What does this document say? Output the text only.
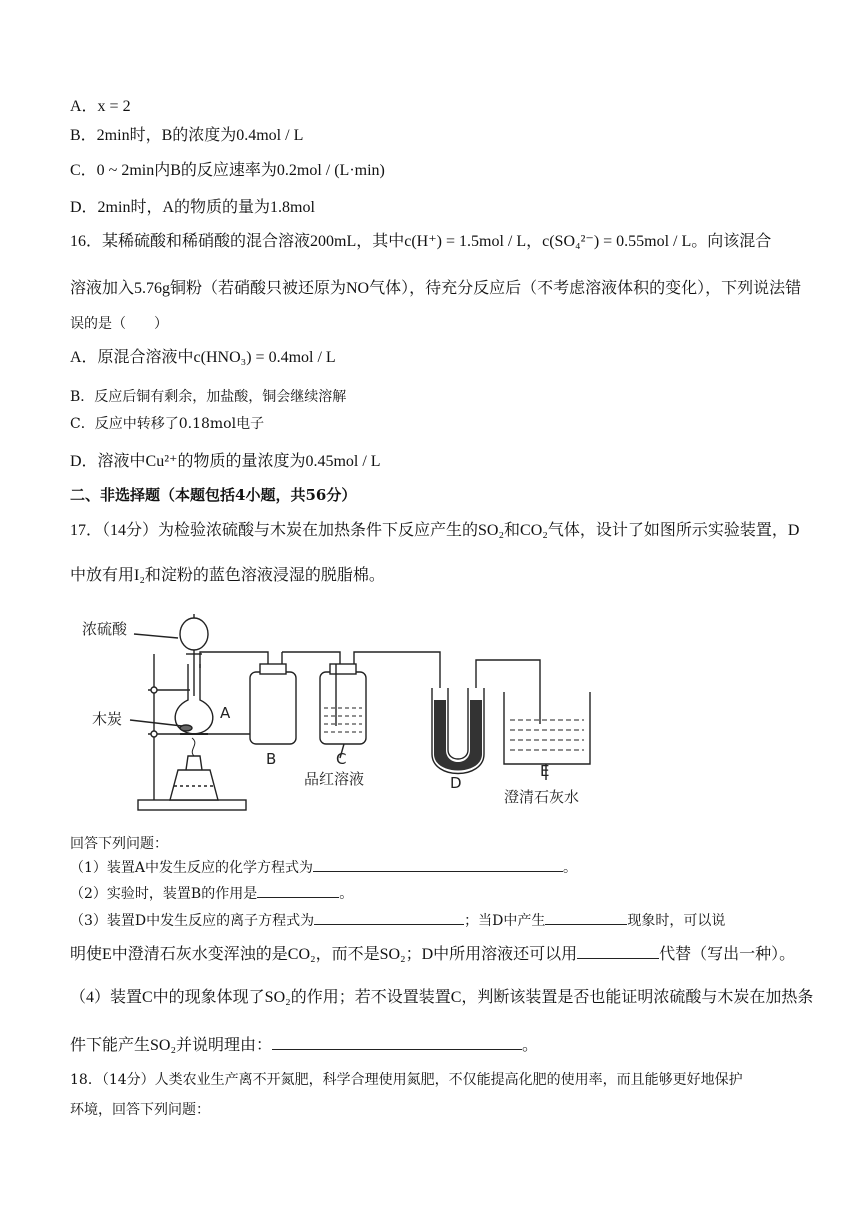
A．x = 2
B．2min时，B的浓度为0.4mol / L
C．0 ~ 2min内B的反应速率为0.2mol / (L·min)
D．2min时，A的物质的量为1.8mol
16．某稀硫酸和稀硝酸的混合溶液200mL，其中c(H⁺) = 1.5mol / L，c(SO₄²⁻) = 0.55mol / L。向该混合
溶液加入5.76g铜粉（若硝酸只被还原为NO气体），待充分反应后（不考虑溶液体积的变化），下列说法错
误的是（　　）
A．原混合溶液中c(HNO₃) = 0.4mol / L
B．反应后铜有剩余，加盐酸，铜会继续溶解
C．反应中转移了0.18mol电子
D．溶液中Cu²⁺的物质的量浓度为0.45mol / L
二、非选择题（本题包括4小题，共56分）
17．（14分）为检验浓硫酸与木炭在加热条件下反应产生的SO₂和CO₂气体，设计了如图所示实验装置，D
中放有用I₂和淀粉的蓝色溶液浸湿的脱脂棉。
浓硫酸
木炭	A
B	C
品红溶液	D
E
澄清石灰水
回答下列问题：
（1）装置A中发生反应的化学方程式为	。
（2）实验时，装置B的作用是	。
（3）装置D中发生反应的离子方程式为	；当D中产生	现象时，可以说
明使E中澄清石灰水变浑浊的是CO₂，而不是SO₂；D中所用溶液还可以用	代替（写出一种）。
（4）装置C中的现象体现了SO₂的作用；若不设置装置C，判断该装置是否也能证明浓硫酸与木炭在加热条
件下能产生SO₂并说明理由：	。
18．（14分）人类农业生产离不开氮肥，科学合理使用氮肥，不仅能提高化肥的使用率，而且能够更好地保护
环境，回答下列问题：
